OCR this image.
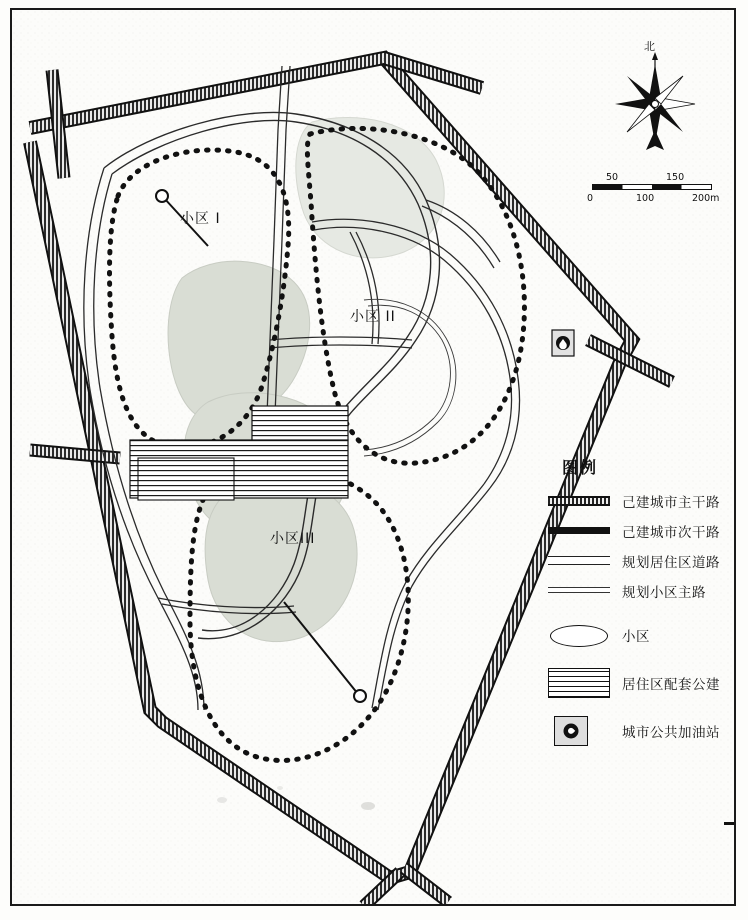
小区 I
小区 II
小区III
北
50	150
0	100	200m
图例
己建城市主干路
己建城市次干路
规划居住区道路
规划小区主路
小区
居住区配套公建
城市公共加油站
